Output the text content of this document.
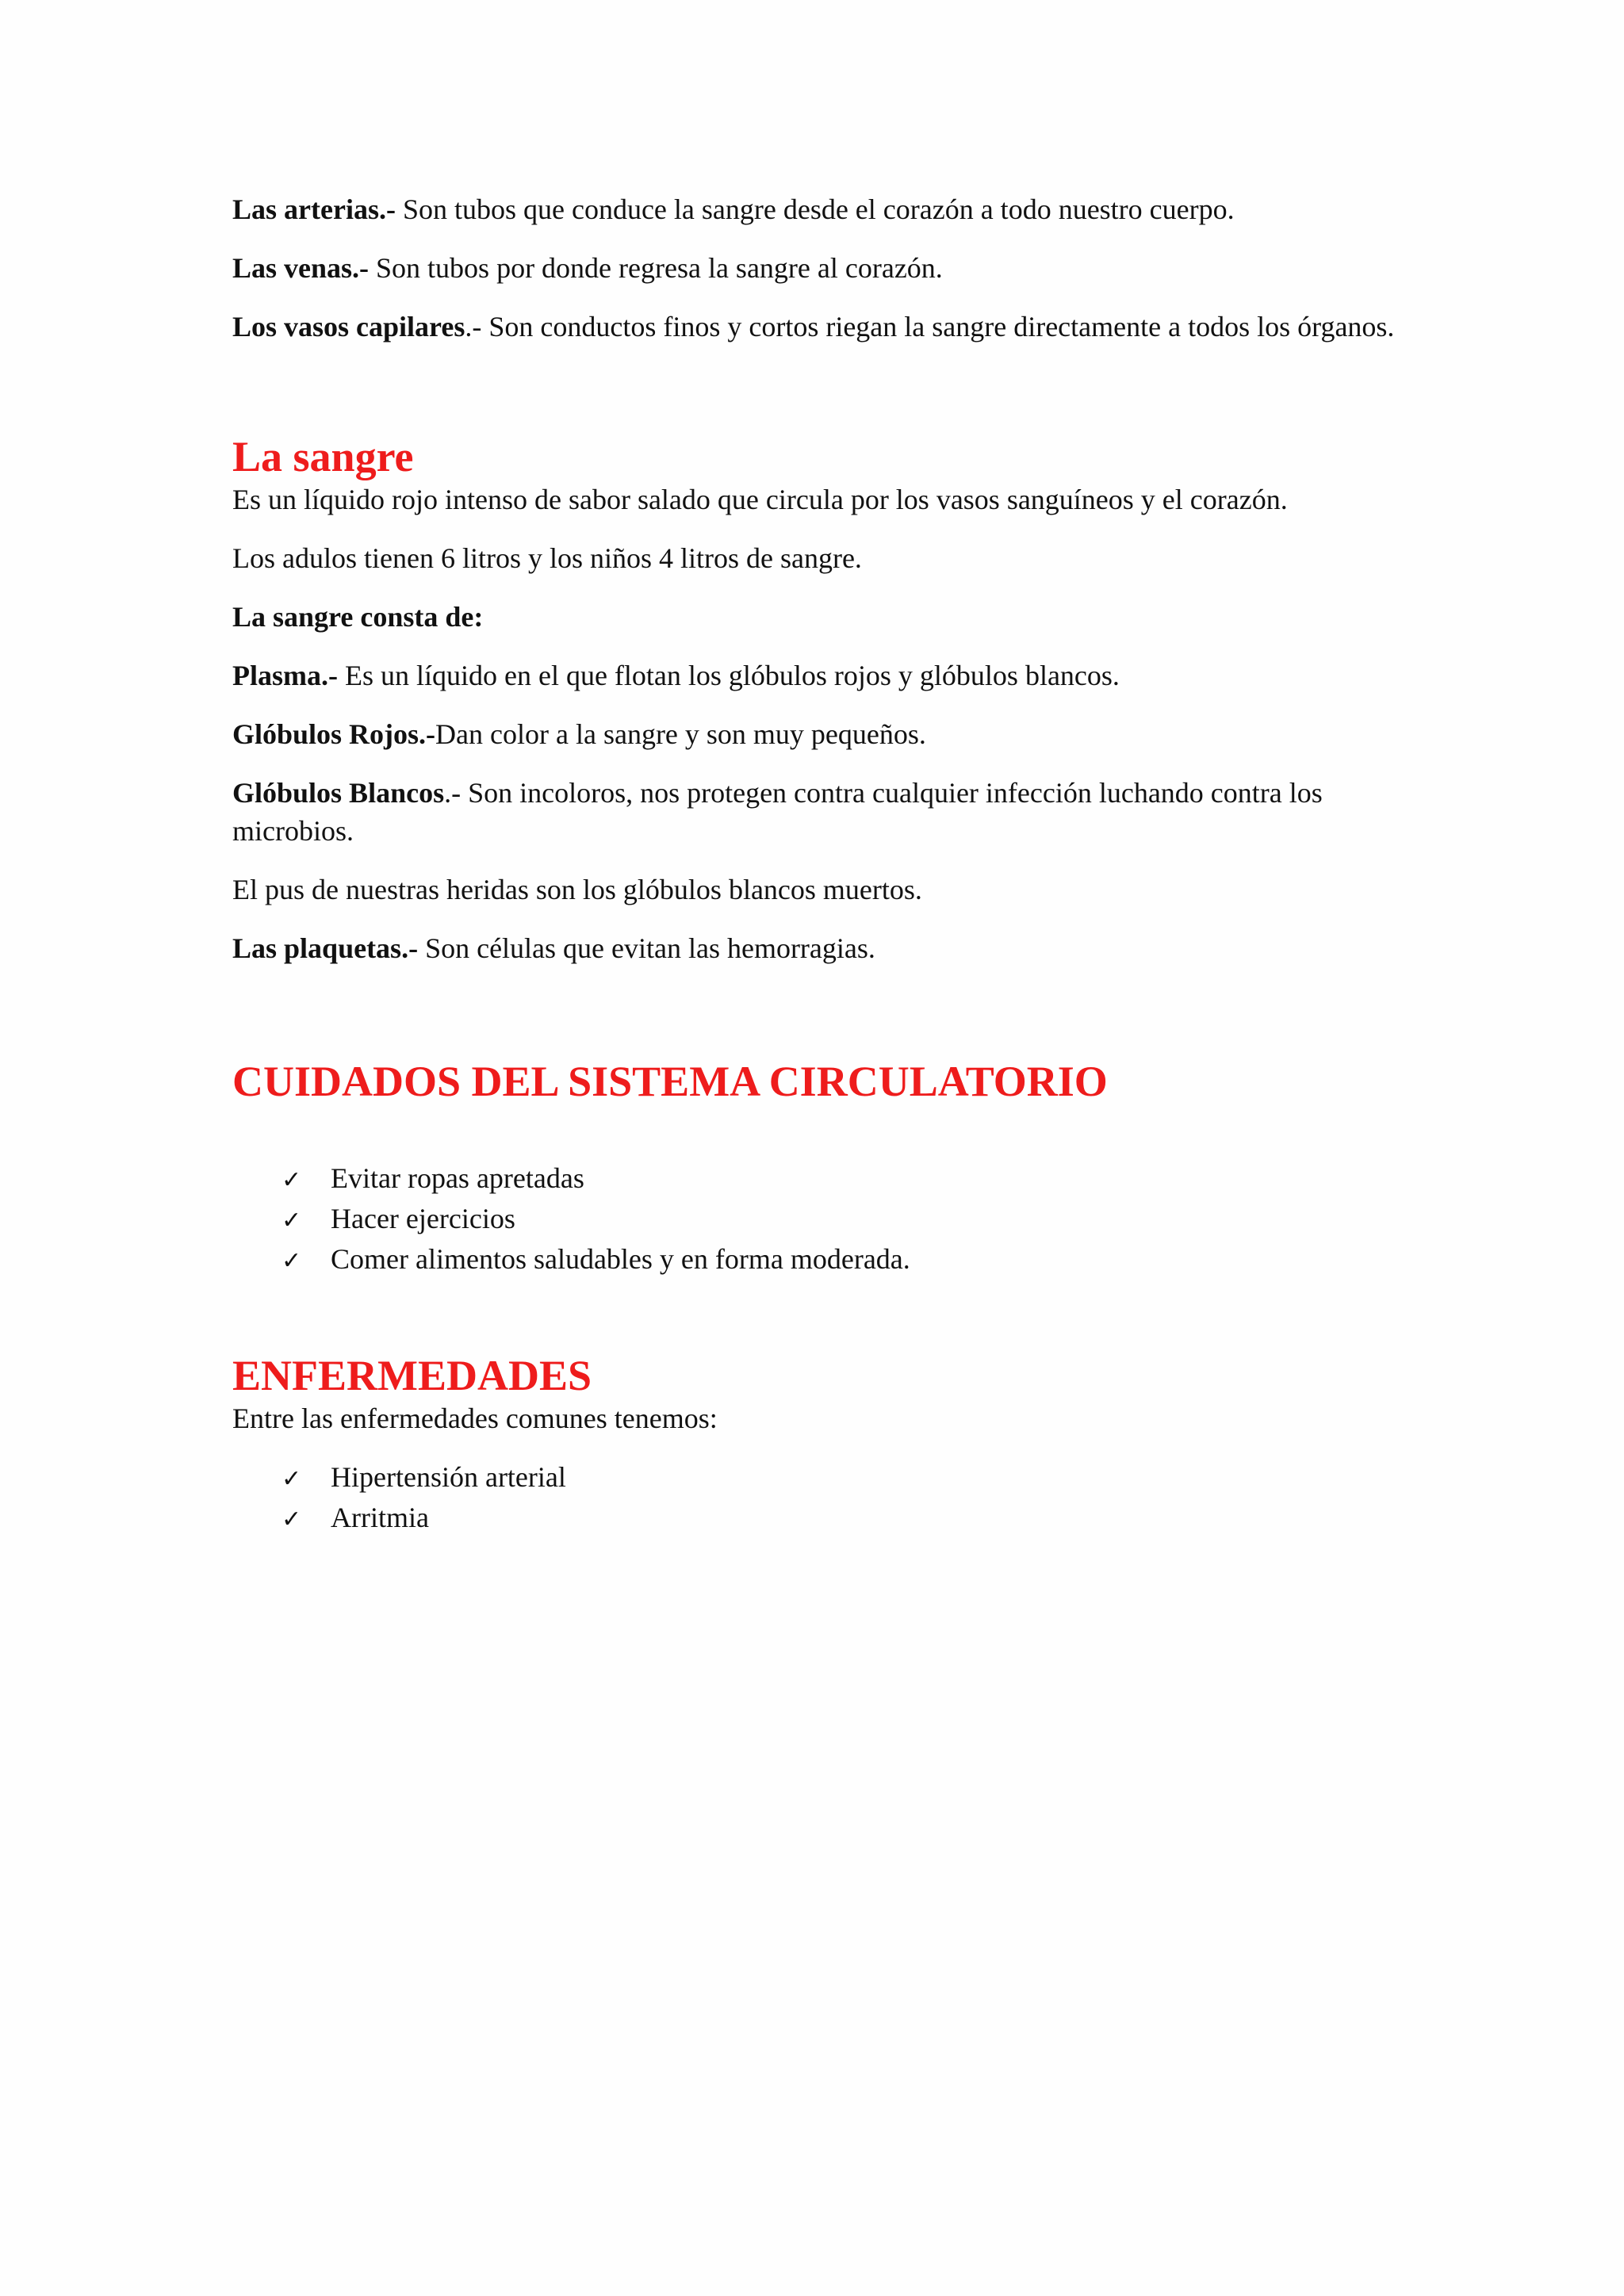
Las arterias.- Son tubos que conduce la sangre desde el corazón a todo nuestro cuerpo.

Las venas.- Son tubos por donde regresa la sangre al corazón.

Los vasos capilares.- Son conductos finos y cortos riegan la sangre directamente a todos los órganos.

La sangre

Es un líquido rojo intenso de sabor salado que circula por los vasos sanguíneos y el corazón.

Los adulos tienen 6 litros y los niños 4 litros de sangre.

La sangre consta de:

Plasma.- Es un líquido en el que flotan los glóbulos rojos y glóbulos blancos.

Glóbulos Rojos.-Dan color a la sangre y son muy pequeños.

Glóbulos Blancos.- Son incoloros, nos protegen contra cualquier infección luchando contra los microbios.

El pus de nuestras heridas son los glóbulos blancos muertos.

Las plaquetas.- Son células que evitan las hemorragias.

CUIDADOS DEL SISTEMA CIRCULATORIO
✓	Evitar ropas apretadas
✓	Hacer ejercicios
✓	Comer alimentos saludables y en forma moderada.
ENFERMEDADES

Entre las enfermedades comunes tenemos:

✓	Hipertensión arterial
✓	Arritmia
